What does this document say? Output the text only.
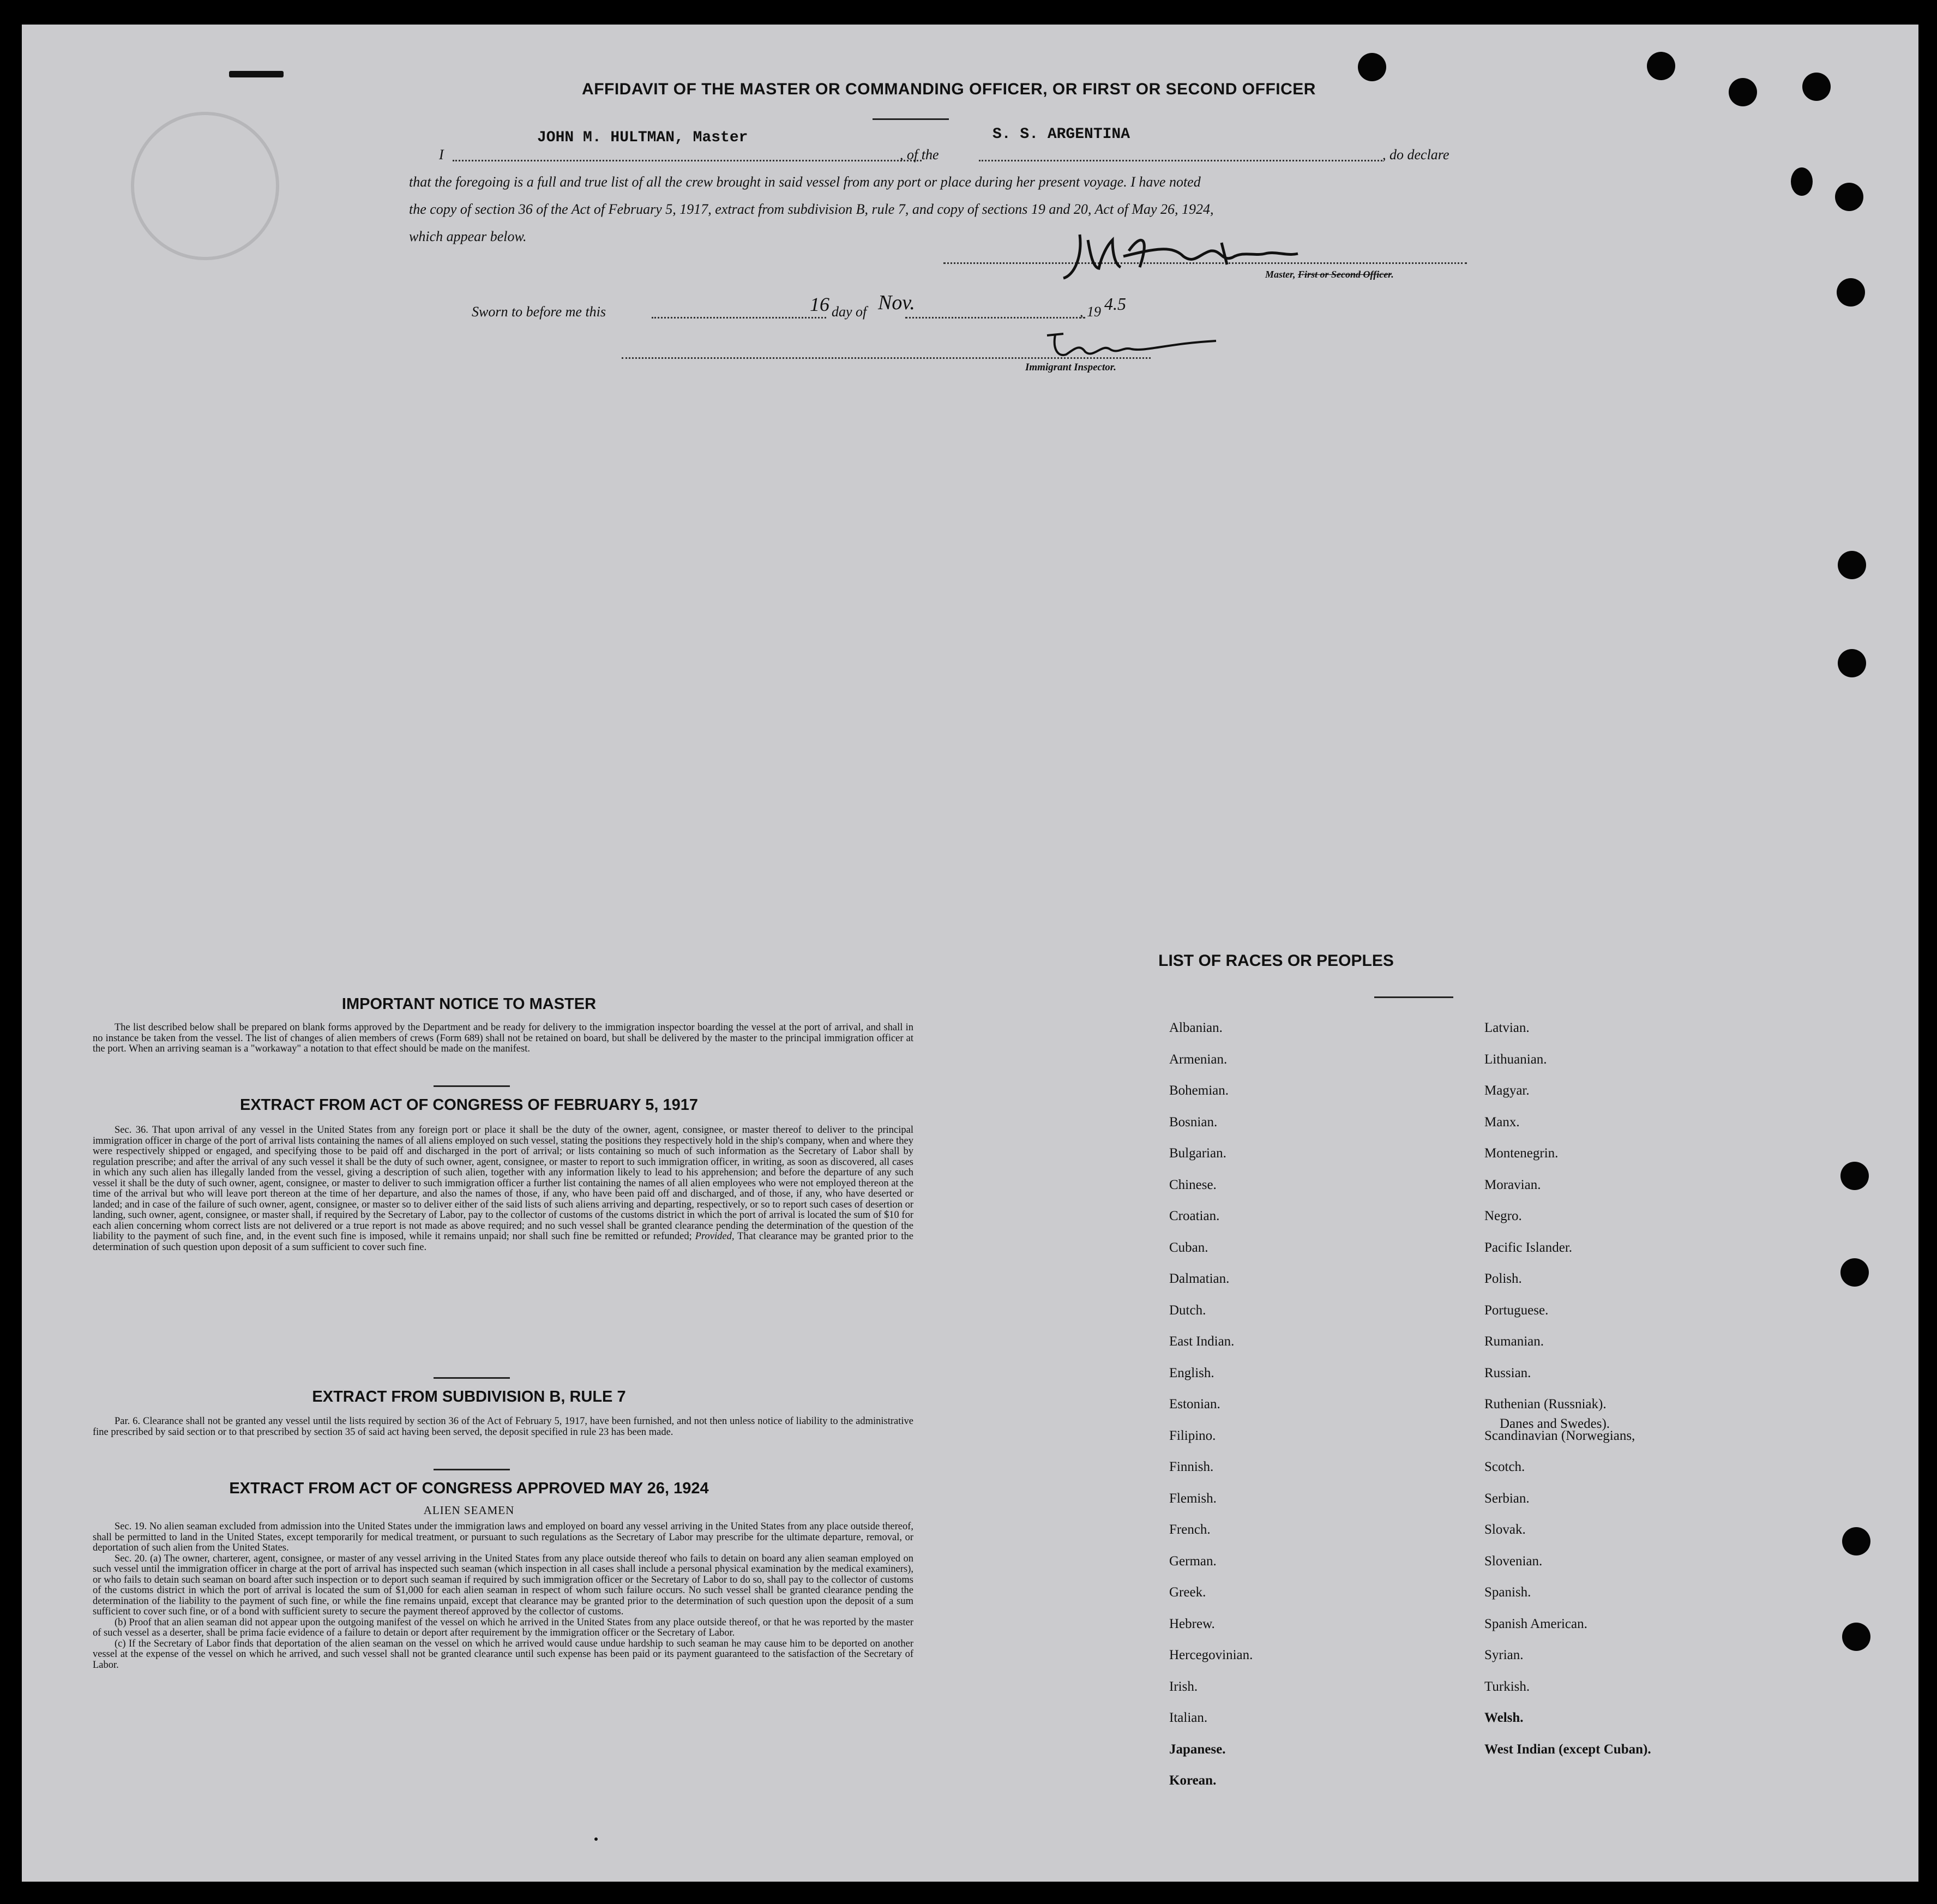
AFFIDAVIT OF THE MASTER OR COMMANDING OFFICER, OR FIRST OR SECOND OFFICER
I
JOHN M. HULTMAN, Master
, of the
S. S. ARGENTINA
, do declare
that the foregoing is a full and true list of all the crew brought in said vessel from any port or place during her present voyage. I have noted
the copy of section 36 of the Act of February 5, 1917, extract from subdivision B, rule 7, and copy of sections 19 and 20, Act of May 26, 1924,
which appear below.
Master, First or Second Officer.
Sworn to before me this	16 day of Nov.	, 19 4.5
Immigrant Inspector.
IMPORTANT NOTICE TO MASTER
The list described below shall be prepared on blank forms approved by the Department and be ready for delivery to the immigration inspector boarding the vessel at the port of arrival, and shall in no instance be taken from the vessel. The list of changes of alien members of crews (Form 689) shall not be retained on board, but shall be delivered by the master to the principal immigration officer at the port. When an arriving seaman is a "workaway" a notation to that effect should be made on the manifest.
EXTRACT FROM ACT OF CONGRESS OF FEBRUARY 5, 1917
Sec. 36. That upon arrival of any vessel in the United States from any foreign port or place it shall be the duty of the owner, agent, consignee, or master thereof to deliver to the principal immigration officer in charge of the port of arrival lists containing the names of all aliens employed on such vessel, stating the positions they respectively hold in the ship's company, when and where they were respectively shipped or engaged, and specifying those to be paid off and discharged in the port of arrival; or lists containing so much of such information as the Secretary of Labor shall by regulation prescribe; and after the arrival of any such vessel it shall be the duty of such owner, agent, consignee, or master to report to such immigration officer, in writing, as soon as discovered, all cases in which any such alien has illegally landed from the vessel, giving a description of such alien, together with any information likely to lead to his apprehension; and before the departure of any such vessel it shall be the duty of such owner, agent, consignee, or master to deliver to such immigration officer a further list containing the names of all alien employees who were not employed thereon at the time of the arrival but who will leave port thereon at the time of her departure, and also the names of those, if any, who have been paid off and discharged, and of those, if any, who have deserted or landed; and in case of the failure of such owner, agent, consignee, or master so to deliver either of the said lists of such aliens arriving and departing, respectively, or so to report such cases of desertion or landing, such owner, agent, consignee, or master shall, if required by the Secretary of Labor, pay to the collector of customs of the customs district in which the port of arrival is located the sum of $10 for each alien concerning whom correct lists are not delivered or a true report is not made as above required; and no such vessel shall be granted clearance pending the determination of the question of the liability to the payment of such fine, and, in the event such fine is imposed, while it remains unpaid; nor shall such fine be remitted or refunded; Provided, That clearance may be granted prior to the determination of such question upon deposit of a sum sufficient to cover such fine.
EXTRACT FROM SUBDIVISION B, RULE 7
Par. 6. Clearance shall not be granted any vessel until the lists required by section 36 of the Act of February 5, 1917, have been furnished, and not then unless notice of liability to the administrative fine prescribed by said section or to that prescribed by section 35 of said act having been served, the deposit specified in rule 23 has been made.
EXTRACT FROM ACT OF CONGRESS APPROVED MAY 26, 1924
ALIEN SEAMEN

Sec. 19. No alien seaman excluded from admission into the United States under the immigration laws and employed on board any vessel arriving in the United States from any place outside thereof, shall be permitted to land in the United States, except temporarily for medical treatment, or pursuant to such regulations as the Secretary of Labor may prescribe for the ultimate departure, removal, or deportation of such alien from the United States.

Sec. 20. (a) The owner, charterer, agent, consignee, or master of any vessel arriving in the United States from any place outside thereof who fails to detain on board any alien seaman employed on such vessel until the immigration officer in charge at the port of arrival has inspected such seaman (which inspection in all cases shall include a personal physical examination by the medical examiners), or who fails to detain such seaman on board after such inspection or to deport such seaman if required by such immigration officer or the Secretary of Labor to do so, shall pay to the collector of customs of the customs district in which the port of arrival is located the sum of $1,000 for each alien seaman in respect of whom such failure occurs. No such vessel shall be granted clearance pending the determination of the liability to the payment of such fine, or while the fine remains unpaid, except that clearance may be granted prior to the determination of such question upon the deposit of a sum sufficient to cover such fine, or of a bond with sufficient surety to secure the payment thereof approved by the collector of customs.

(b) Proof that an alien seaman did not appear upon the outgoing manifest of the vessel on which he arrived in the United States from any place outside thereof, or that he was reported by the master of such vessel as a deserter, shall be prima facie evidence of a failure to detain or deport after requirement by the immigration officer or the Secretary of Labor.

(c) If the Secretary of Labor finds that deportation of the alien seaman on the vessel on which he arrived would cause undue hardship to such seaman he may cause him to be deported on another vessel at the expense of the vessel on which he arrived, and such vessel shall not be granted clearance until such expense has been paid or its payment guaranteed to the satisfaction of the Secretary of Labor.

LIST OF RACES OR PEOPLES
Albanian.
Armenian.
Bohemian.
Bosnian.
Bulgarian.
Chinese.
Croatian.
Cuban.
Dalmatian.
Dutch.
East Indian.
English.
Estonian.
Filipino.
Finnish.
Flemish.
French.
German.
Greek.
Hebrew.
Hercegovinian.
Irish.
Italian.
Japanese.
Korean.
Latvian.
Lithuanian.
Magyar.
Manx.
Montenegrin.
Moravian.
Negro.
Pacific Islander.
Polish.
Portuguese.
Rumanian.
Russian.
Ruthenian (Russniak).
Scandinavian (Norwegians,
Danes and Swedes).
Scotch.
Serbian.
Slovak.
Slovenian.
Spanish.
Spanish American.
Syrian.
Turkish.
Welsh.
West Indian (except Cuban).
